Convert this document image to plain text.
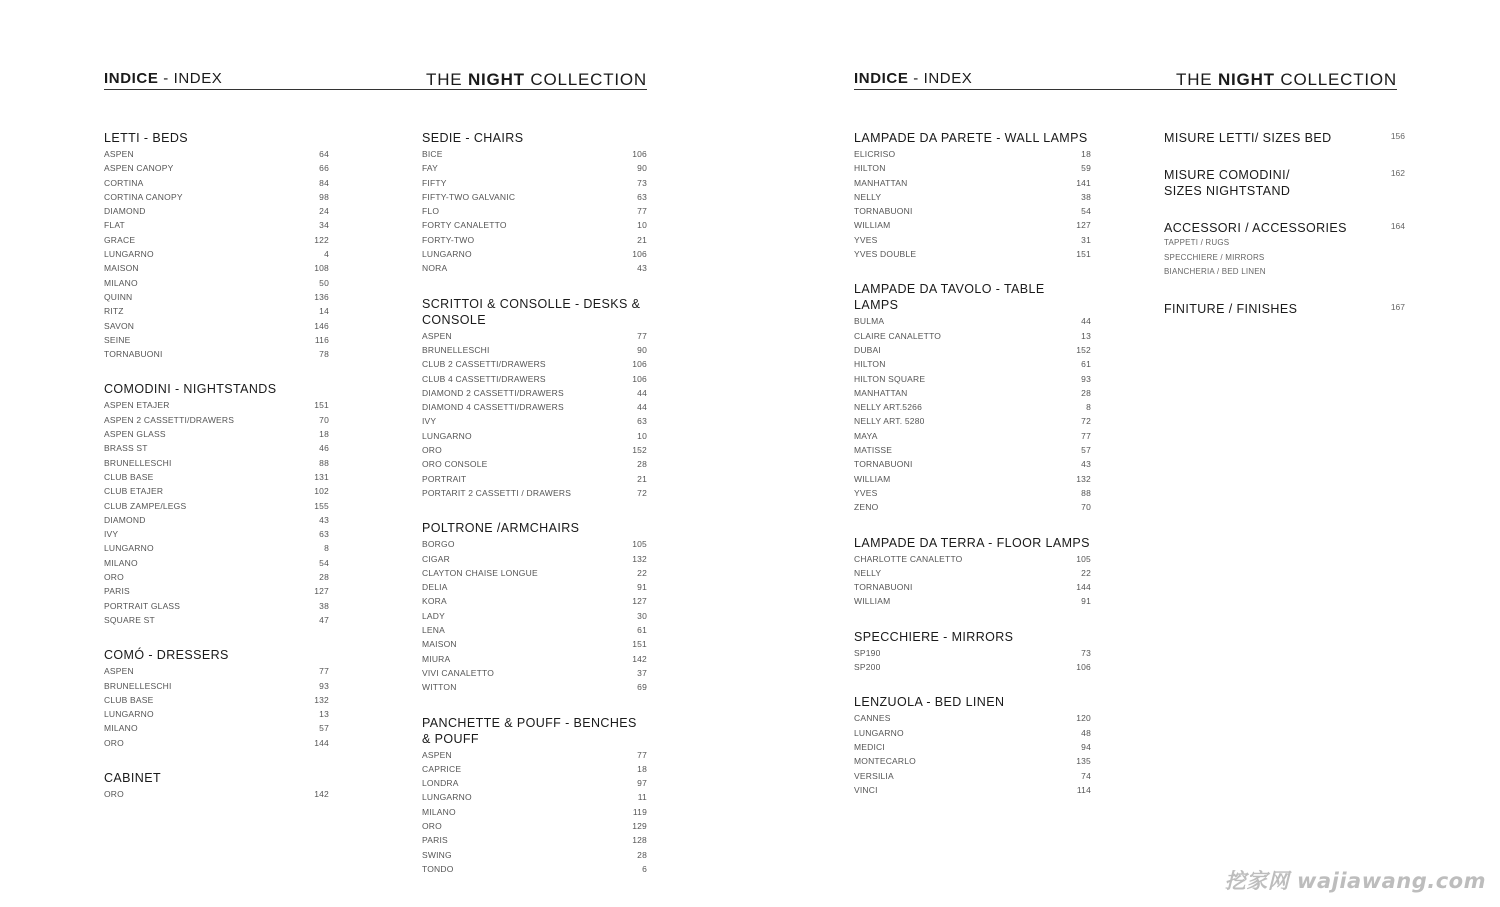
INDICE - INDEX	THE NIGHT COLLECTION	INDICE - INDEX	THE NIGHT COLLECTION
LETTI - BEDS
ASPEN	64
ASPEN CANOPY	66
CORTINA	84
CORTINA CANOPY	98
DIAMOND	24
FLAT	34
GRACE	122
LUNGARNO	4
MAISON	108
MILANO	50
QUINN	136
RITZ	14
SAVON	146
SEINE	116
TORNABUONI	78
COMODINI - NIGHTSTANDS
ASPEN ETAJER	151
ASPEN 2 CASSETTI/DRAWERS	70
ASPEN GLASS	18
BRASS ST	46
BRUNELLESCHI	88
CLUB BASE	131
CLUB ETAJER	102
CLUB ZAMPE/LEGS	155
DIAMOND	43
IVY	63
LUNGARNO	8
MILANO	54
ORO	28
PARIS	127
PORTRAIT GLASS	38
SQUARE ST	47
COMÓ - DRESSERS
ASPEN	77
BRUNELLESCHI	93
CLUB BASE	132
LUNGARNO	13
MILANO	57
ORO	144
CABINET
ORO	142
SEDIE - CHAIRS
BICE	106
FAY	90
FIFTY	73
FIFTY-TWO GALVANIC	63
FLO	77
FORTY CANALETTO	10
FORTY-TWO	21
LUNGARNO	106
NORA	43
SCRITTOI & CONSOLLE - DESKS & CONSOLE
ASPEN	77
BRUNELLESCHI	90
CLUB 2 CASSETTI/DRAWERS	106
CLUB 4 CASSETTI/DRAWERS	106
DIAMOND 2 CASSETTI/DRAWERS	44
DIAMOND 4 CASSETTI/DRAWERS	44
IVY	63
LUNGARNO	10
ORO	152
ORO CONSOLE	28
PORTRAIT	21
PORTARIT 2 CASSETTI / DRAWERS	72
POLTRONE /ARMCHAIRS
BORGO	105
CIGAR	132
CLAYTON CHAISE LONGUE	22
DELIA	91
KORA	127
LADY	30
LENA	61
MAISON	151
MIURA	142
VIVI CANALETTO	37
WITTON	69
PANCHETTE & POUFF - BENCHES & POUFF
ASPEN	77
CAPRICE	18
LONDRA	97
LUNGARNO	11
MILANO	119
ORO	129
PARIS	128
SWING	28
TONDO	6
LAMPADE DA PARETE - WALL LAMPS
ELICRISO	18
HILTON	59
MANHATTAN	141
NELLY	38
TORNABUONI	54
WILLIAM	127
YVES	31
YVES DOUBLE	151
LAMPADE DA TAVOLO - TABLE LAMPS
BULMA	44
CLAIRE CANALETTO	13
DUBAI	152
HILTON	61
HILTON SQUARE	93
MANHATTAN	28
NELLY ART.5266	8
NELLY ART. 5280	72
MAYA	77
MATISSE	57
TORNABUONI	43
WILLIAM	132
YVES	88
ZENO	70
LAMPADE DA TERRA - FLOOR LAMPS
CHARLOTTE CANALETTO	105
NELLY	22
TORNABUONI	144
WILLIAM	91
SPECCHIERE - MIRRORS
SP190	73
SP200	106
LENZUOLA - BED LINEN
CANNES	120
LUNGARNO	48
MEDICI	94
MONTECARLO	135
VERSILIA	74
VINCI	114
MISURE LETTI/ SIZES BED	156
MISURE COMODINI/
SIZES NIGHTSTAND
162
ACCESSORI / ACCESSORIES	164
TAPPETI / RUGS
SPECCHIERE / MIRRORS
BIANCHERIA / BED LINEN
FINITURE / FINISHES	167
挖家网 wajiawang.com
